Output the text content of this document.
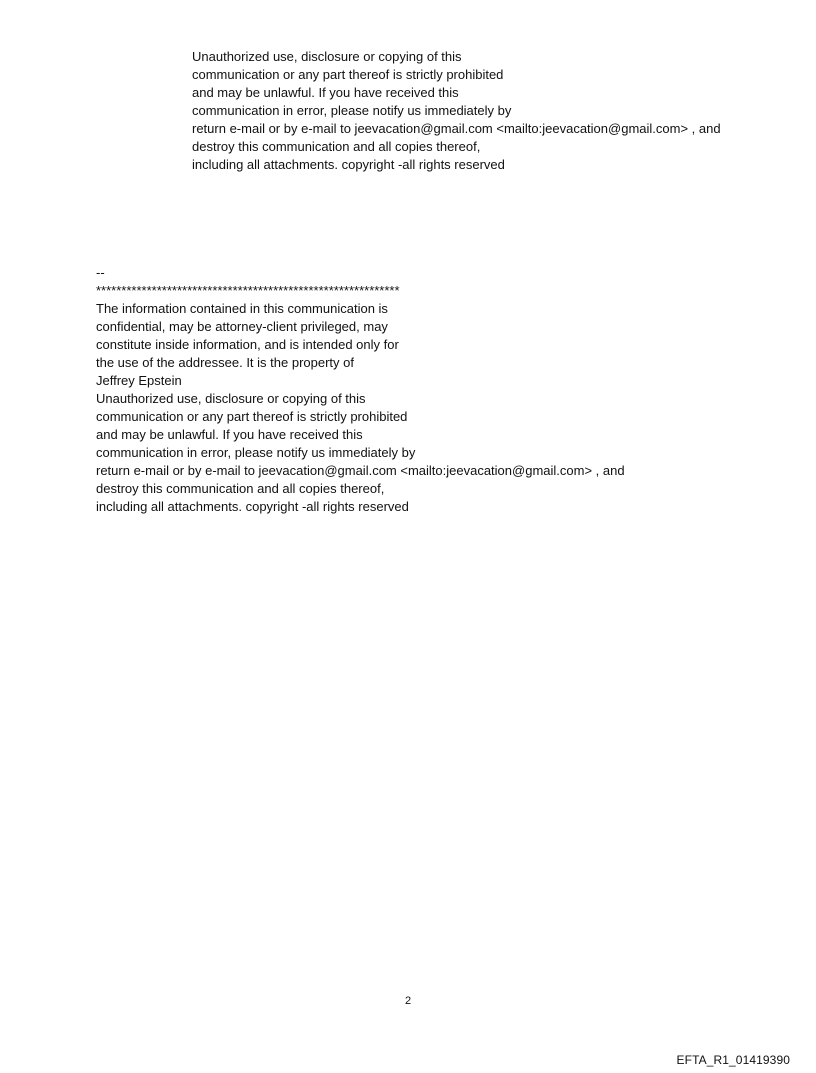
Unauthorized use, disclosure or copying of this
communication or any part thereof is strictly prohibited
and may be unlawful. If you have received this
communication in error, please notify us immediately by
return e-mail or by e-mail to jeevacation@gmail.com <mailto:jeevacation@gmail.com> , and
destroy this communication and all copies thereof,
including all attachments. copyright -all rights reserved
--
************************************************************
The information contained in this communication is
confidential, may be attorney-client privileged, may
constitute inside information, and is intended only for
the use of the addressee. It is the property of
Jeffrey Epstein
Unauthorized use, disclosure or copying of this
communication or any part thereof is strictly prohibited
and may be unlawful. If you have received this
communication in error, please notify us immediately by
return e-mail or by e-mail to jeevacation@gmail.com <mailto:jeevacation@gmail.com> , and
destroy this communication and all copies thereof,
including all attachments. copyright -all rights reserved
2
EFTA_R1_01419390
